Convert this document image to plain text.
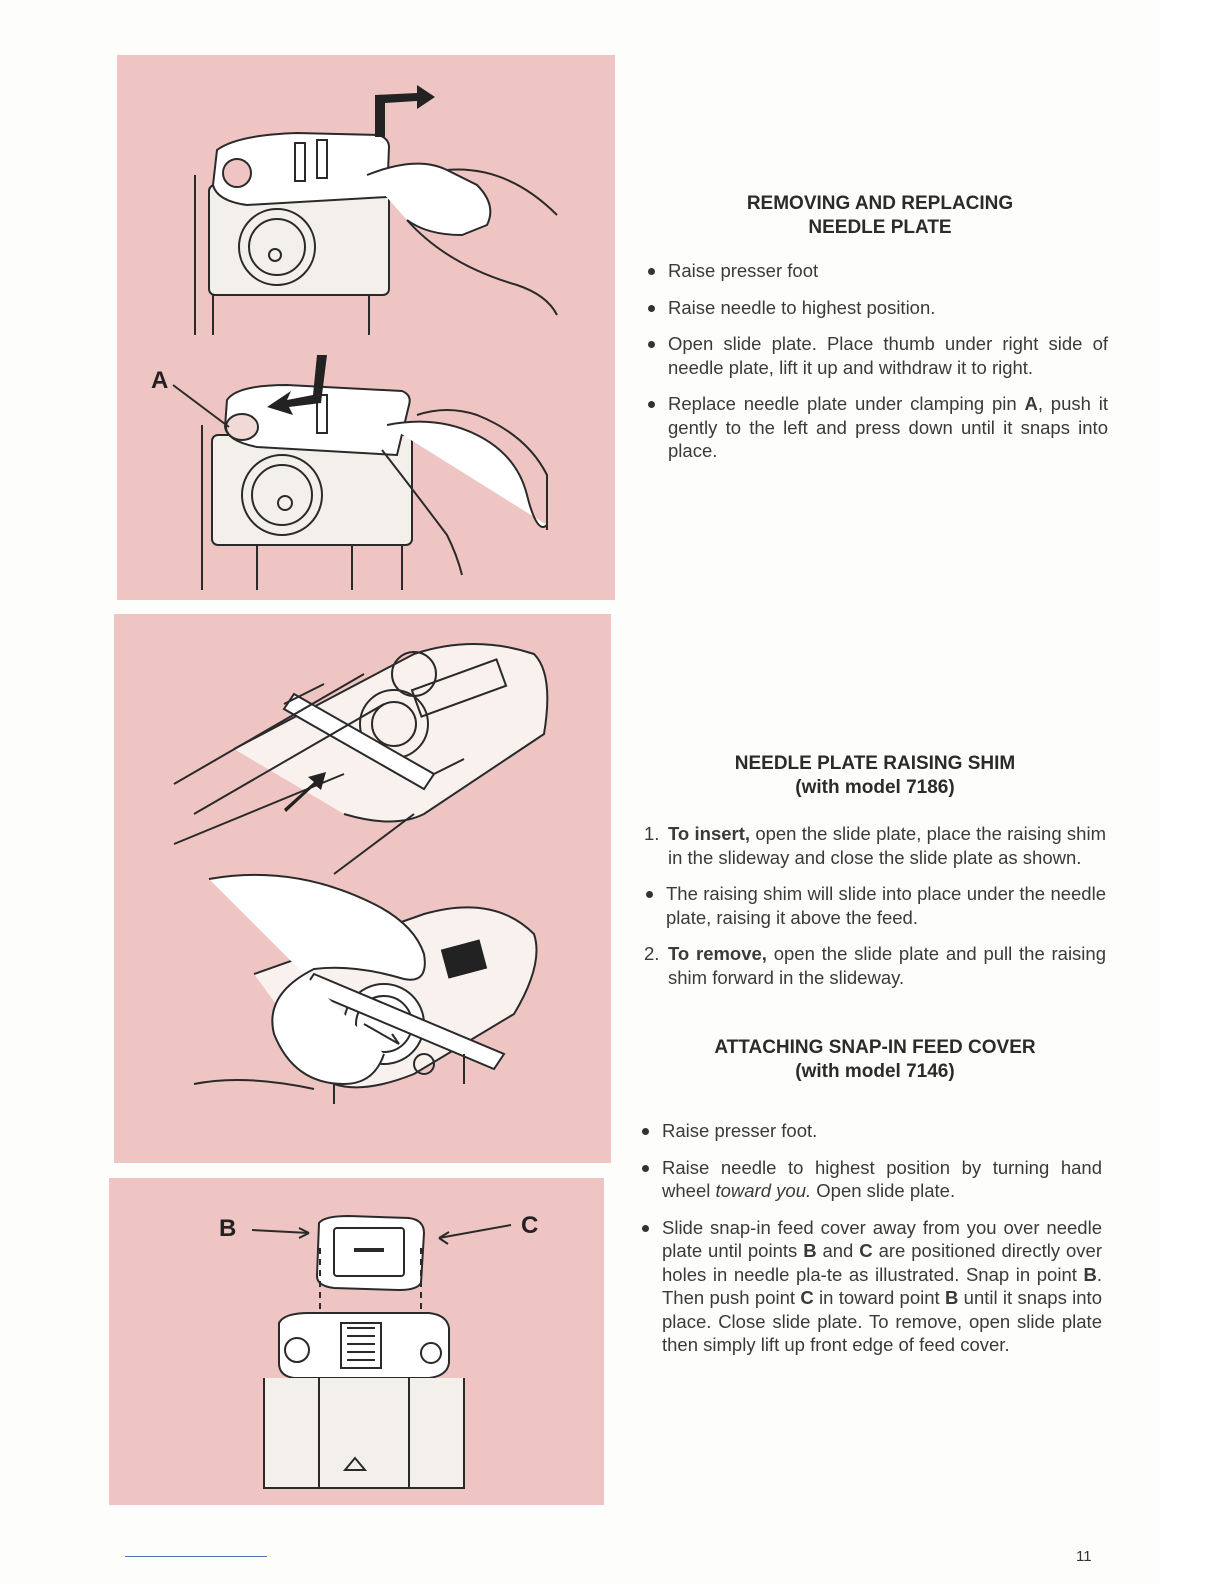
A
B	C
REMOVING AND REPLACING
NEEDLE PLATE
Raise presser foot
Raise needle to highest position.
Open slide plate. Place thumb under right side of needle plate, lift it up and withdraw it to right.
Replace needle plate under clamping pin A, push it gently to the left and press down until it snaps into place.
NEEDLE PLATE RAISING SHIM
(with model 7186)
1. To insert, open the slide plate, place the raising shim in the slideway and close the slide plate as shown.
The raising shim will slide into place under the needle plate, raising it above the feed.
2. To remove, open the slide plate and pull the raising shim forward in the slideway.
ATTACHING SNAP-IN FEED COVER
(with model 7146)
Raise presser foot.
Raise needle to highest position by turning hand wheel toward you. Open slide plate.
Slide snap-in feed cover away from you over needle plate until points B and C are positioned directly over holes in needle pla-te as illustrated. Snap in point B. Then push point C in toward point B until it snaps into place. Close slide plate. To remove, open slide plate then simply lift up front edge of feed cover.
11
